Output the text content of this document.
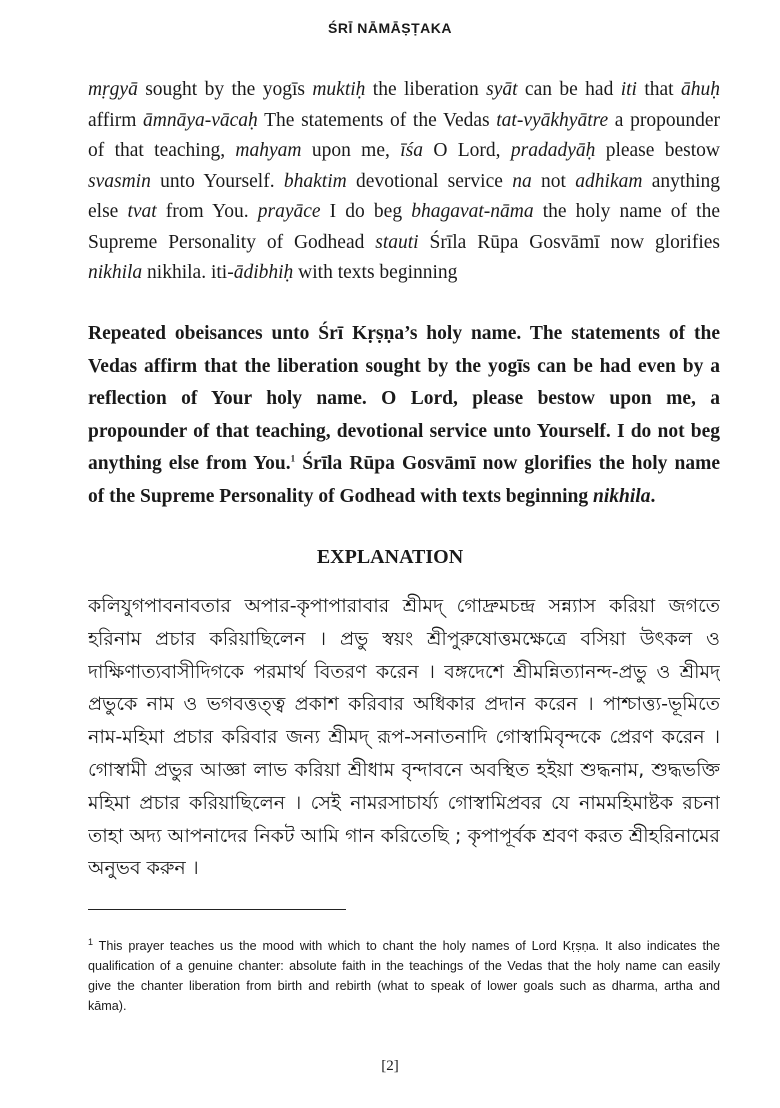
ŚRĪ NĀMĀṢṬAKA
mṛgyā sought by the yogīs muktiḥ the liberation syāt can be had iti that āhuḥ
affirm āmnāya-vācaḥ The statements of the Vedas tat-vyākhyātre a propounder
of that teaching, mahyam upon me, īśa O Lord, pradadyāḥ please bestow
svasmin unto Yourself. bhaktim devotional service na not adhikam anything
else tvat from You. prayāce I do beg bhagavat-nāma the holy name of the
Supreme Personality of Godhead stauti Śrīla Rūpa Gosvāmī now glorifies
nikhila nikhila. iti-ādibhiḥ with texts beginning
Repeated obeisances unto Śrī Kṛṣṇa’s holy name. The statements of the
Vedas affirm that the liberation sought by the yogīs can be had even by a
reflection of Your holy name. O Lord, please bestow upon me, a
propounder of that teaching, devotional service unto Yourself. I do not beg
anything else from You.$^1$ Śrīla Rūpa Gosvāmī now glorifies the holy name
of the Supreme Personality of Godhead with texts beginning nikhila.
EXPLANATION
কলিযুগপাবনাবতার অপার-কৃপাপারাবার শ্রীমদ্ গোদ্রুমচন্দ্র সন্ন্যাস করিয়া জগতে
হরিনাম প্রচার করিয়াছিলেন । প্রভু স্বয়ং শ্রীপুরুষোত্তমক্ষেত্রে বসিয়া উৎকল ও
দাক্ষিণাত্যবাসীদিগকে পরমার্থ বিতরণ করেন । বঙ্গদেশে শ্রীমন্নিত্যানন্দ-প্রভু ও শ্রীমদ্
প্রভুকে নাম ও ভগবত্তত্ত্ব প্রকাশ করিবার অধিকার প্রদান করেন । পাশ্চাত্ত্য-ভূমিতে
নাম-মহিমা প্রচার করিবার জন্য শ্রীমদ্ রূপ-সনাতনাদি গোস্বামিবৃন্দকে প্রেরণ করেন ।
গোস্বামী প্রভুর আজ্ঞা লাভ করিয়া শ্রীধাম বৃন্দাবনে অবস্থিত হইয়া শুদ্ধনাম, শুদ্ধভক্তি
মহিমা প্রচার করিয়াছিলেন । সেই নামরসাচার্য্য গোস্বামিপ্রবর যে নামমহিমাষ্টক রচনা
তাহা অদ্য আপনাদের নিকট আমি গান করিতেছি ; কৃপাপূর্বক শ্রবণ করত শ্রীহরিনামের
অনুভব করুন ।
$^1$ This prayer teaches us the mood with which to chant the holy names of Lord Kṛṣṇa. It also indicates the
qualification of a genuine chanter: absolute faith in the teachings of the Vedas that the holy name can easily
give the chanter liberation from birth and rebirth (what to speak of lower goals such as dharma, artha and
kāma).
[2]
